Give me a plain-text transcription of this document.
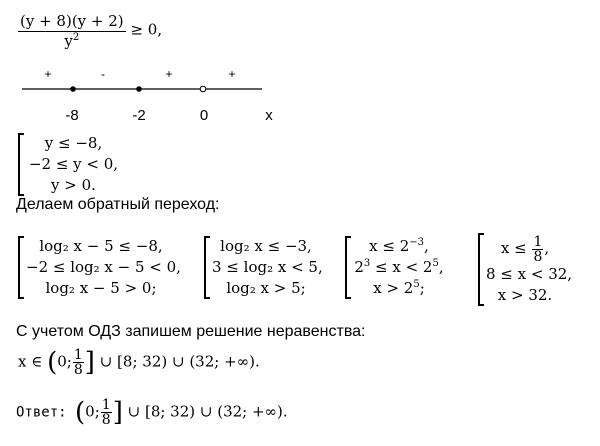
$\frac{(y + 8)(y + 2)}{y^2} \ge 0$,
+	-	+	+
-8	-2	0	x
y ≤ −8,
−2 ≤ y < 0,
y > 0.
Делаем обратный переход:
log₂ x − 5 ≤ −8,
−2 ≤ log₂ x − 5 < 0,
log₂ x − 5 > 0;
log₂ x ≤ −3,
3 ≤ log₂ x < 5,
log₂ x > 5;
$x \le 2^{-3}$,
$2^3 \le x < 2^5$,
$x > 2^5$;
$x \le \frac{1}{8}$ ,
8 ≤ x < 32,
x > 32.
С учетом ОДЗ запишем решение неравенства:
x ∈ (0; $\frac{1}{8}$ ] ∪ [8; 32) ∪ (32; +∞).
Ответ: (0; $\frac{1}{8}$ ] ∪ [8; 32) ∪ (32; +∞).
